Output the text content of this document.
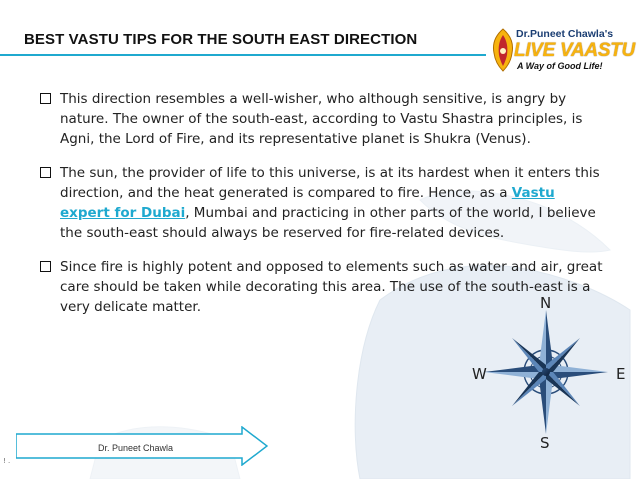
BEST VASTU TIPS FOR THE SOUTH EAST DIRECTION	Dr.Puneet Chawla's
LIVE VAASTU
A Way of Good Life!
This direction resembles a well-wisher, who although sensitive, is angry by nature. The owner of the south-east, according to Vastu Shastra principles, is Agni, the Lord of Fire, and its representative planet is Shukra (Venus).
The sun, the provider of life to this universe, is at its hardest when it enters this direction, and the heat generated is compared to fire. Hence, as a Vastu expert for Dubai, Mumbai and practicing in other parts of the world, I believe the south-east should always be reserved for fire-related devices.
Since fire is highly potent and opposed to elements such as water and air, great care should be taken while decorating this area. The use of the south-east is a very delicate matter.	N
S
E
W
Dr. Puneet Chawla
! .
